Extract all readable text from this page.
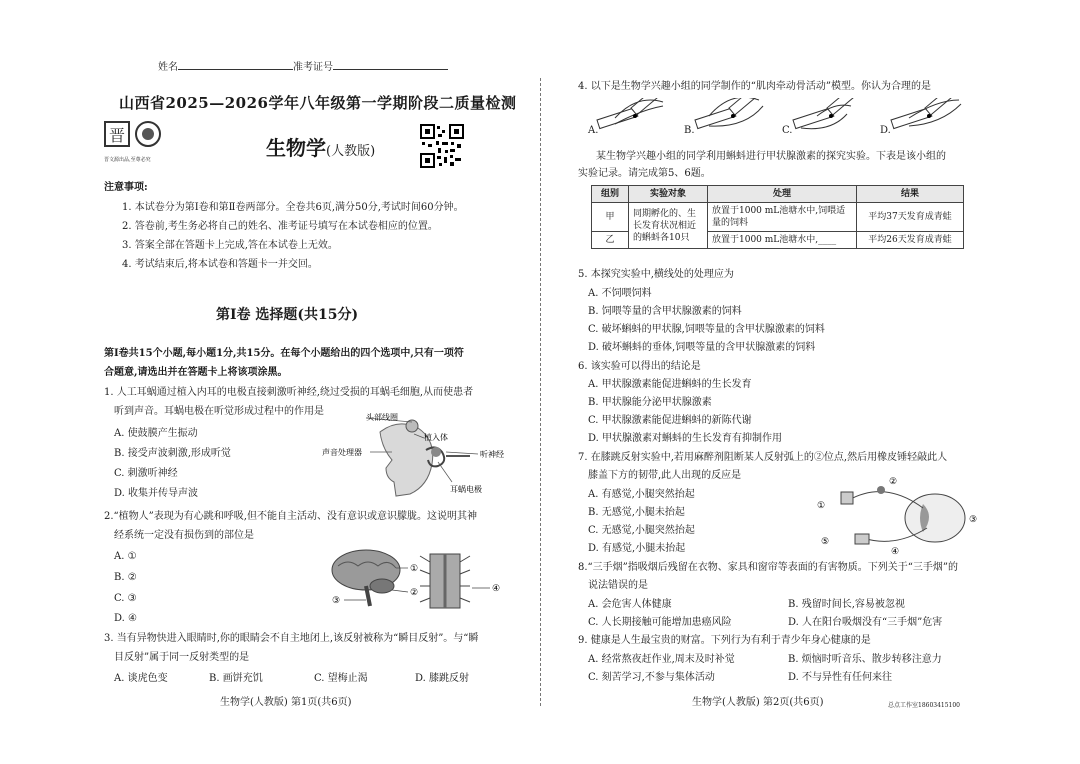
姓名	准考证号
山西省2025—2026学年八年级第一学期阶段二质量检测
晋
晋文源出品,至尊必究	生物学(人教版)
注意事项:
1. 本试卷分为第Ⅰ卷和第Ⅱ卷两部分。全卷共6页,满分50分,考试时间60分钟。
2. 答卷前,考生务必将自己的姓名、准考证号填写在本试卷相应的位置。
3. 答案全部在答题卡上完成,答在本试卷上无效。
4. 考试结束后,将本试卷和答题卡一并交回。
第Ⅰ卷 选择题(共15分)
第Ⅰ卷共15个小题,每小题1分,共15分。在每个小题给出的四个选项中,只有一项符
合题意,请选出并在答题卡上将该项涂黑。
1. 人工耳蜗通过植入内耳的电极直接刺激听神经,绕过受损的耳蜗毛细胞,从而使患者
听到声音。耳蜗电极在听觉形成过程中的作用是
A. 使鼓膜产生振动
B. 接受声波刺激,形成听觉
C. 刺激听神经
D. 收集并传导声波
头部线圈
植入体
声音处理器	听神经
耳蜗电极
2.“植物人”表现为有心跳和呼吸,但不能自主活动、没有意识或意识朦胧。这说明其神
经系统一定没有损伤到的部位是
A. ①
B. ②
C. ③
D. ④
①
②
③
④
3. 当有异物快进入眼睛时,你的眼睛会不自主地闭上,该反射被称为“瞬目反射”。与“瞬
目反射”属于同一反射类型的是
A. 谈虎色变	B. 画饼充饥	C. 望梅止渴	D. 膝跳反射
生物学(人教版) 第1页(共6页)
4. 以下是生物学兴趣小组的同学制作的“肌肉牵动骨活动”模型。你认为合理的是
A.	B.	C.	D.
某生物学兴趣小组的同学利用蝌蚪进行甲状腺激素的探究实验。下表是该小组的
实验记录。请完成第5、6题。
组别	实验对象	处理	结果
甲	同期孵化的、生长发育状况相近的蝌蚪各10只	放置于1000 mL池塘水中,饲喂适量的饲料	平均37天发育成青蛙
乙		放置于1000 mL池塘水中,____	平均26天发育成青蛙
5. 本探究实验中,横线处的处理应为
A. 不饲喂饲料
B. 饲喂等量的含甲状腺激素的饲料
C. 破坏蝌蚪的甲状腺,饲喂等量的含甲状腺激素的饲料
D. 破坏蝌蚪的垂体,饲喂等量的含甲状腺激素的饲料
6. 该实验可以得出的结论是
A. 甲状腺激素能促进蝌蚪的生长发育
B. 甲状腺能分泌甲状腺激素
C. 甲状腺激素能促进蝌蚪的新陈代谢
D. 甲状腺激素对蝌蚪的生长发育有抑制作用
7. 在膝跳反射实验中,若用麻醉剂阻断某人反射弧上的②位点,然后用橡皮锤轻敲此人
膝盖下方的韧带,此人出现的反应是
A. 有感觉,小腿突然抬起
B. 无感觉,小腿未抬起
C. 无感觉,小腿突然抬起
D. 有感觉,小腿未抬起
②
①
③
④
⑤
8.“三手烟”指吸烟后残留在衣物、家具和窗帘等表面的有害物质。下列关于“三手烟”的
说法错误的是
A. 会危害人体健康	B. 残留时间长,容易被忽视
C. 人长期接触可能增加患癌风险	D. 人在阳台吸烟没有“三手烟”危害
9. 健康是人生最宝贵的财富。下列行为有利于青少年身心健康的是
A. 经常熬夜赶作业,周末及时补觉	B. 烦恼时听音乐、散步转移注意力
C. 刻苦学习,不参与集体活动	D. 不与异性有任何来往
生物学(人教版) 第2页(共6页)	总点工作室18603415100
